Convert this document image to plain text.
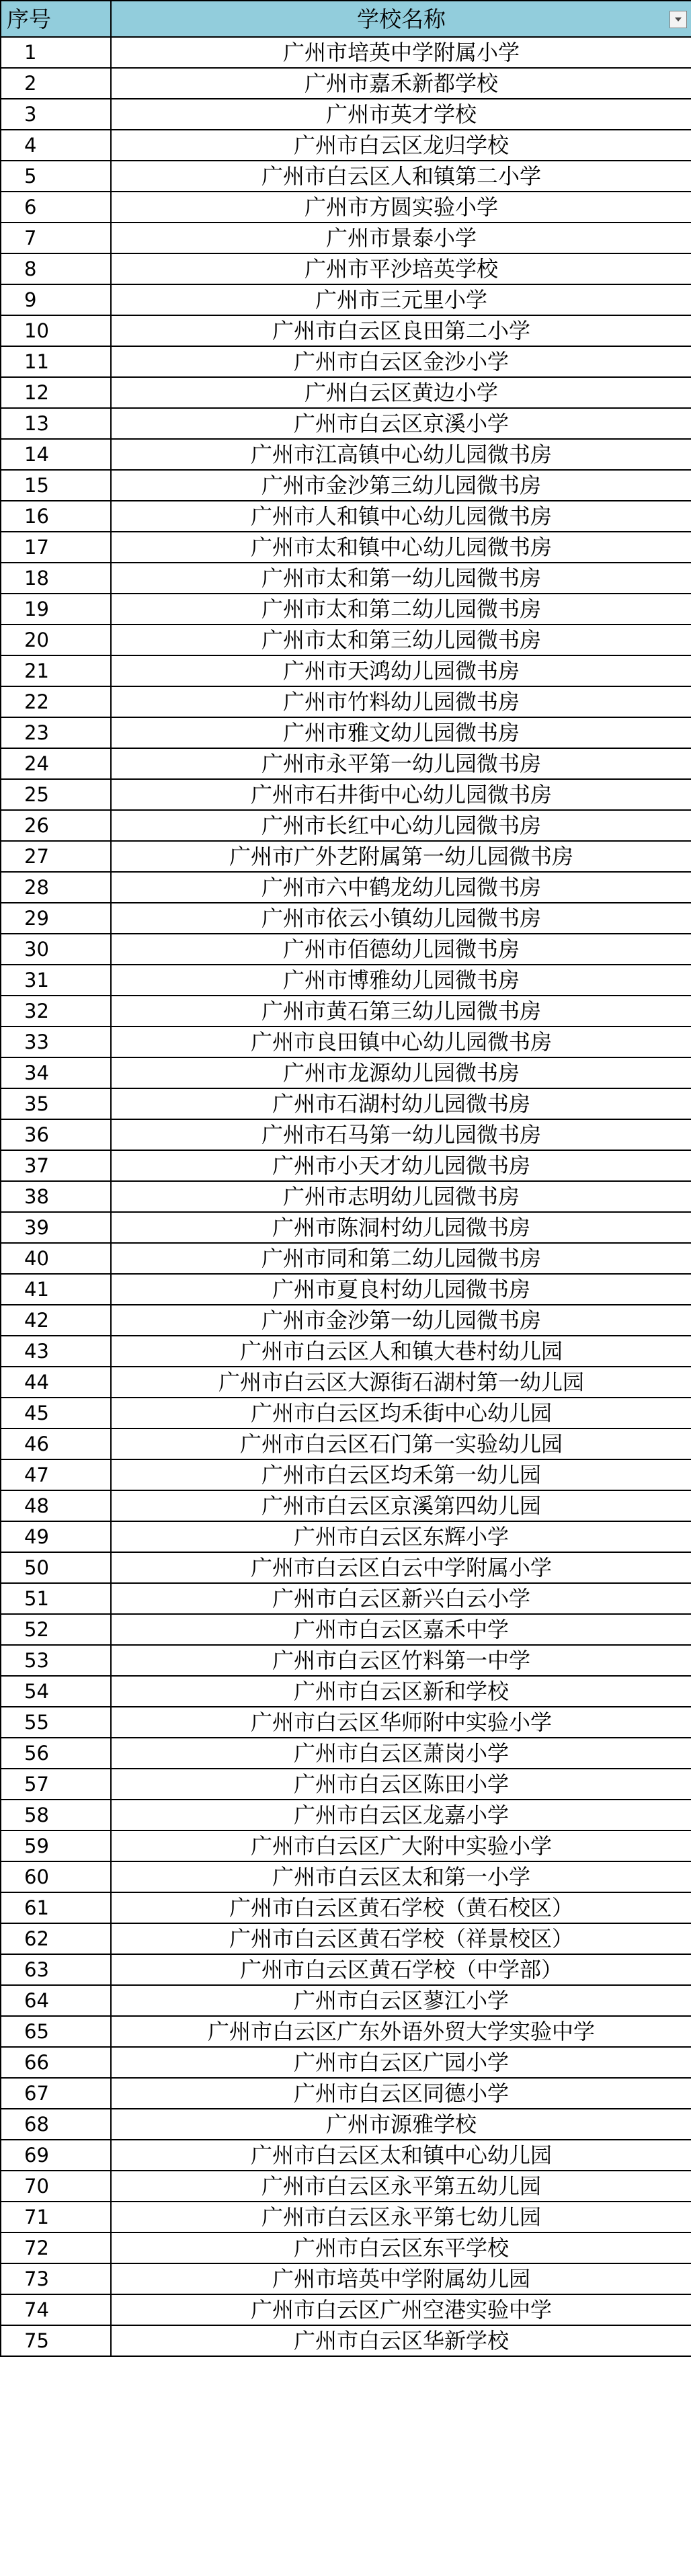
序号	学校名称

1	广州市培英中学附属小学
2	广州市嘉禾新都学校
3	广州市英才学校
4	广州市白云区龙归学校
5	广州市白云区人和镇第二小学
6	广州市方圆实验小学
7	广州市景泰小学
8	广州市平沙培英学校
9	广州市三元里小学
10	广州市白云区良田第二小学
11	广州市白云区金沙小学
12	广州白云区黄边小学
13	广州市白云区京溪小学
14	广州市江高镇中心幼儿园微书房
15	广州市金沙第三幼儿园微书房
16	广州市人和镇中心幼儿园微书房
17	广州市太和镇中心幼儿园微书房
18	广州市太和第一幼儿园微书房
19	广州市太和第二幼儿园微书房
20	广州市太和第三幼儿园微书房
21	广州市天鸿幼儿园微书房
22	广州市竹料幼儿园微书房
23	广州市雅文幼儿园微书房
24	广州市永平第一幼儿园微书房
25	广州市石井街中心幼儿园微书房
26	广州市长红中心幼儿园微书房
27	广州市广外艺附属第一幼儿园微书房
28	广州市六中鹤龙幼儿园微书房
29	广州市依云小镇幼儿园微书房
30	广州市佰德幼儿园微书房
31	广州市博雅幼儿园微书房
32	广州市黄石第三幼儿园微书房
33	广州市良田镇中心幼儿园微书房
34	广州市龙源幼儿园微书房
35	广州市石湖村幼儿园微书房
36	广州市石马第一幼儿园微书房
37	广州市小天才幼儿园微书房
38	广州市志明幼儿园微书房
39	广州市陈洞村幼儿园微书房
40	广州市同和第二幼儿园微书房
41	广州市夏良村幼儿园微书房
42	广州市金沙第一幼儿园微书房
43	广州市白云区人和镇大巷村幼儿园
44	广州市白云区大源街石湖村第一幼儿园
45	广州市白云区均禾街中心幼儿园
46	广州市白云区石门第一实验幼儿园
47	广州市白云区均禾第一幼儿园
48	广州市白云区京溪第四幼儿园
49	广州市白云区东辉小学
50	广州市白云区白云中学附属小学
51	广州市白云区新兴白云小学
52	广州市白云区嘉禾中学
53	广州市白云区竹料第一中学
54	广州市白云区新和学校
55	广州市白云区华师附中实验小学
56	广州市白云区萧岗小学
57	广州市白云区陈田小学
58	广州市白云区龙嘉小学
59	广州市白云区广大附中实验小学
60	广州市白云区太和第一小学
61	广州市白云区黄石学校（黄石校区）
62	广州市白云区黄石学校（祥景校区）
63	广州市白云区黄石学校（中学部）
64	广州市白云区蓼江小学
65	广州市白云区广东外语外贸大学实验中学
66	广州市白云区广园小学
67	广州市白云区同德小学
68	广州市源雅学校
69	广州市白云区太和镇中心幼儿园
70	广州市白云区永平第五幼儿园
71	广州市白云区永平第七幼儿园
72	广州市白云区东平学校
73	广州市培英中学附属幼儿园
74	广州市白云区广州空港实验中学
75	广州市白云区华新学校
